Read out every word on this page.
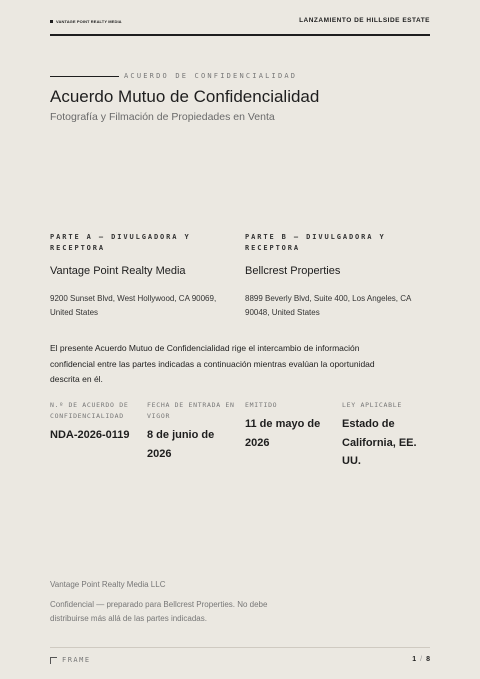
VANTAGE POINT REALTY MEDIA	LANZAMIENTO DE HILLSIDE ESTATE
ACUERDO DE CONFIDENCIALIDAD
Acuerdo Mutuo de Confidencialidad
Fotografía y Filmación de Propiedades en Venta
PARTE A — DIVULGADORA Y RECEPTORA
Vantage Point Realty Media
9200 Sunset Blvd, West Hollywood, CA 90069, United States
PARTE B — DIVULGADORA Y RECEPTORA
Bellcrest Properties
8899 Beverly Blvd, Suite 400, Los Angeles, CA 90048, United States
El presente Acuerdo Mutuo de Confidencialidad rige el intercambio de información confidencial entre las partes indicadas a continuación mientras evalúan la oportunidad descrita en él.
N.º DE ACUERDO DE CONFIDENCIALIDAD
NDA-2026-0119
FECHA DE ENTRADA EN VIGOR
8 de junio de 2026
EMITIDO
11 de mayo de 2026
LEY APLICABLE
Estado de California, EE. UU.
Vantage Point Realty Media LLC
Confidencial — preparado para Bellcrest Properties. No debe distribuirse más allá de las partes indicadas.
FRAME	1 / 8
